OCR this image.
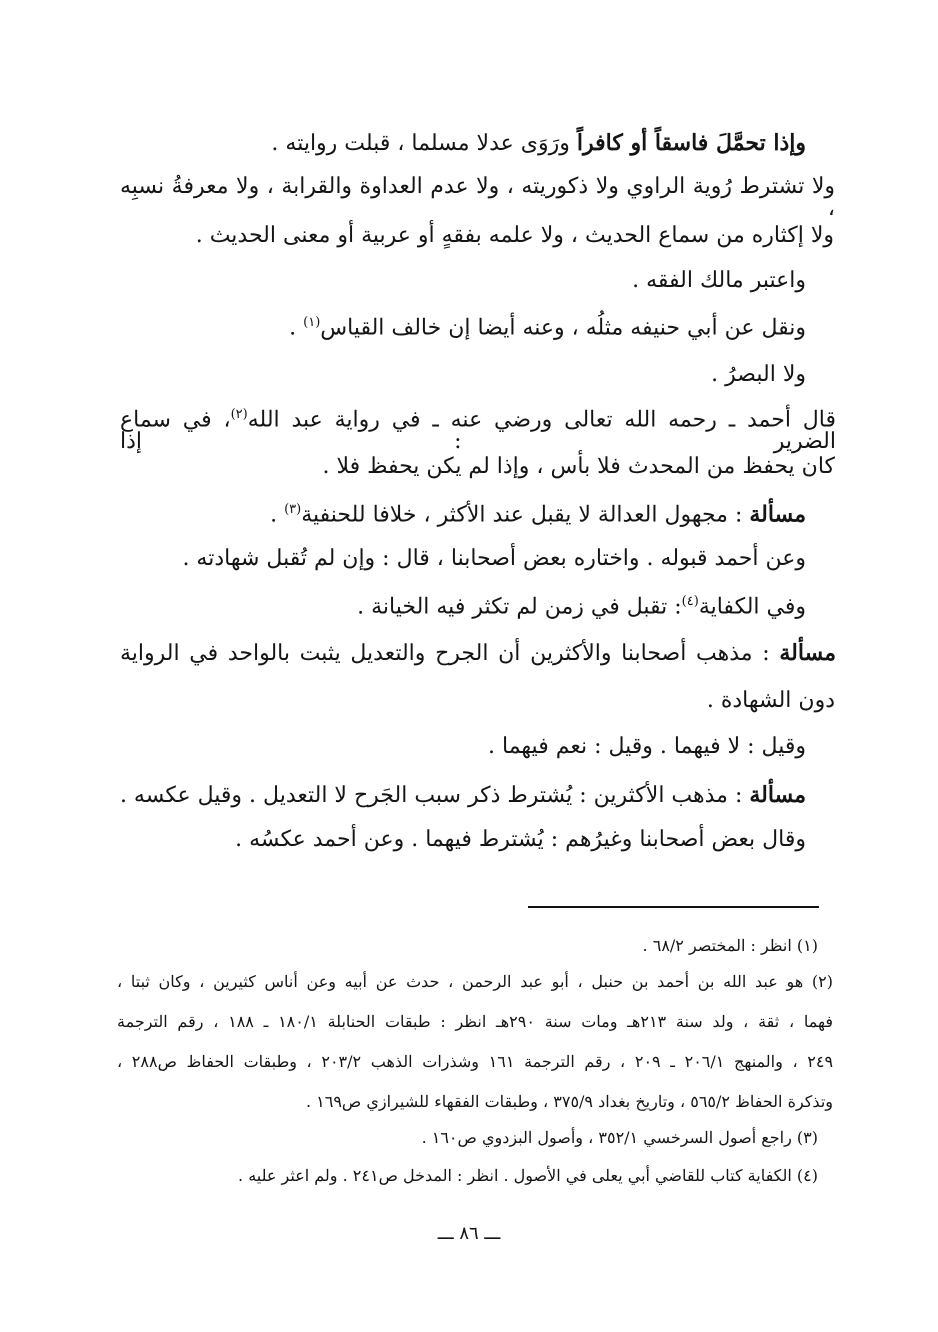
وإذا تحمَّلَ فاسقاً أو كافراً ورَوَى عدلا مسلما ، قبلت روايته .
ولا تشترط رُوية الراوي ولا ذكوريته ، ولا عدم العداوة والقرابة ، ولا معرفةُ نسبِه ،
ولا إكثاره من سماع الحديث ، ولا علمه بفقهٍ أو عربية أو معنى الحديث .
واعتبر مالك الفقه .
ونقل عن أبي حنيفه مثلُه ، وعنه أيضا إن خالف القياس$^{(١)}$ .
ولا البصرُ .
قال أحمد ـ رحمه الله تعالى ورضي عنه ـ في رواية عبد الله$^{(٢)}$، في سماع الضرير : إذا
كان يحفظ من المحدث فلا بأس ، وإذا لم يكن يحفظ فلا .
مسألة : مجهول العدالة لا يقبل عند الأكثر ، خلافا للحنفية$^{(٣)}$ .
وعن أحمد قبوله . واختاره بعض أصحابنا ، قال : وإن لم تُقبل شهادته .
وفي الكفاية$^{(٤)}$: تقبل في زمن لم تكثر فيه الخيانة .
مسألة : مذهب أصحابنا والأكثرين أن الجرح والتعديل يثبت بالواحد في الرواية
دون الشهادة .
وقيل : لا فيهما . وقيل : نعم فيهما .
مسألة : مذهب الأكثرين : يُشترط ذكر سبب الجَرح لا التعديل . وقيل عكسه .
وقال بعض أصحابنا وغيرُهم : يُشترط فيهما . وعن أحمد عكسُه .
(١) انظر : المختصر ٦٨/٢ .
(٢) هو عبد الله بن أحمد بن حنبل ، أبو عبد الرحمن ، حدث عن أبيه وعن أناس كثيرين ، وكان ثبتا ،
فهما ، ثقة ، ولد سنة ٢١٣هـ ومات سنة ٢٩٠هـ انظر : طبقات الحنابلة ١٨٠/١ ـ ١٨٨ ، رقم الترجمة
٢٤٩ ، والمنهج ٢٠٦/١ ـ ٢٠٩ ، رقم الترجمة ١٦١ وشذرات الذهب ٢٠٣/٢ ، وطبقات الحفاظ ص٢٨٨ ،
وتذكرة الحفاظ ٥٦٥/٢ ، وتاريخ بغداد ٣٧٥/٩ ، وطبقات الفقهاء للشيرازي ص١٦٩ .
(٣) راجع أصول السرخسي ٣٥٢/١ ، وأصول البزدوي ص١٦٠ .
(٤) الكفاية كتاب للقاضي أبي يعلى في الأصول . انظر : المدخل ص٢٤١ . ولم اعثر عليه .
ـــ ٨٦ ـــ
